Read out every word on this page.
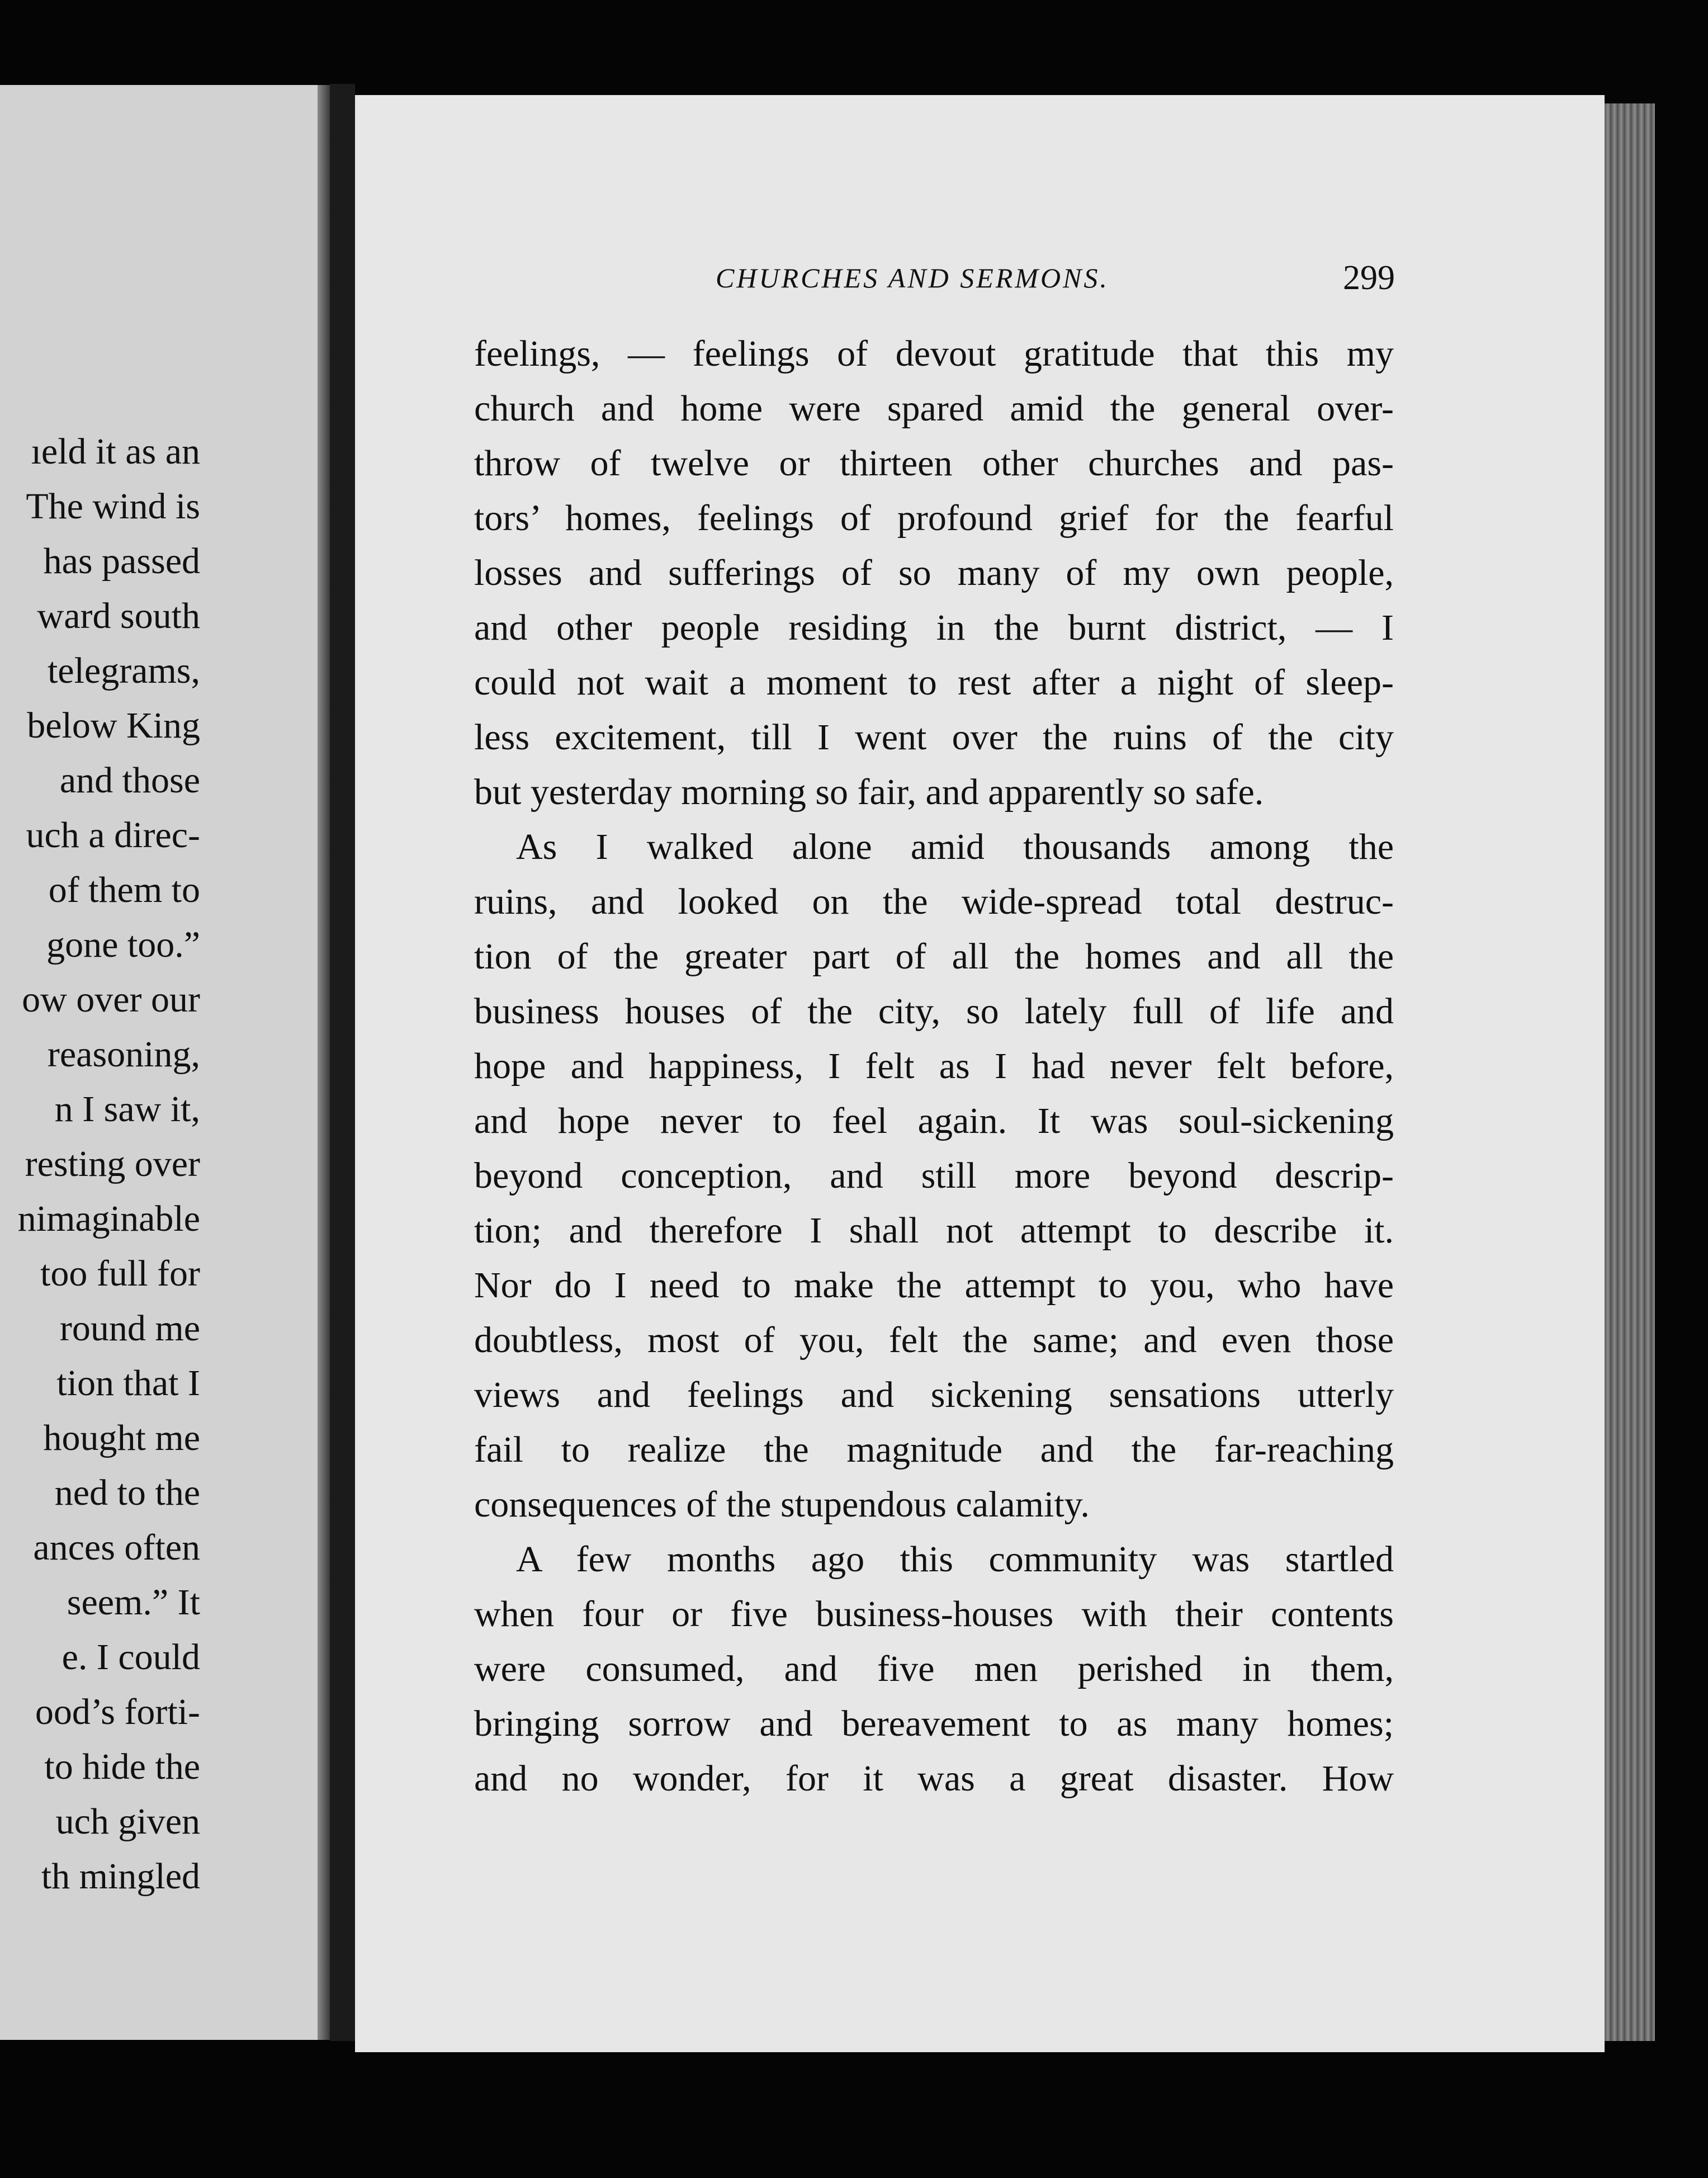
ıeld it as an
The wind is
has passed
ward south
telegrams,
below King
and those
uch a direc-
of them to
gone too.”
ow over our
reasoning,
n I saw it,
resting over
nimaginable
too full for
round me
tion that I
hought me
ned to the
ances often
seem.” It
e. I could
ood’s forti-
to hide the
uch given
th mingled
CHURCHES AND SERMONS.	299
feelings, — feelings of devout gratitude that this my
church and home were spared amid the general over-
throw of twelve or thirteen other churches and pas-
tors’ homes, feelings of profound grief for the fearful
losses and sufferings of so many of my own people,
and other people residing in the burnt district, — I
could not wait a moment to rest after a night of sleep-
less excitement, till I went over the ruins of the city
but yesterday morning so fair, and apparently so safe.
As I walked alone amid thousands among the
ruins, and looked on the wide-spread total destruc-
tion of the greater part of all the homes and all the
business houses of the city, so lately full of life and
hope and happiness, I felt as I had never felt before,
and hope never to feel again. It was soul-sickening
beyond conception, and still more beyond descrip-
tion; and therefore I shall not attempt to describe it.
Nor do I need to make the attempt to you, who have
doubtless, most of you, felt the same; and even those
views and feelings and sickening sensations utterly
fail to realize the magnitude and the far-reaching
consequences of the stupendous calamity.
A few months ago this community was startled
when four or five business-houses with their contents
were consumed, and five men perished in them,
bringing sorrow and bereavement to as many homes;
and no wonder, for it was a great disaster. How
